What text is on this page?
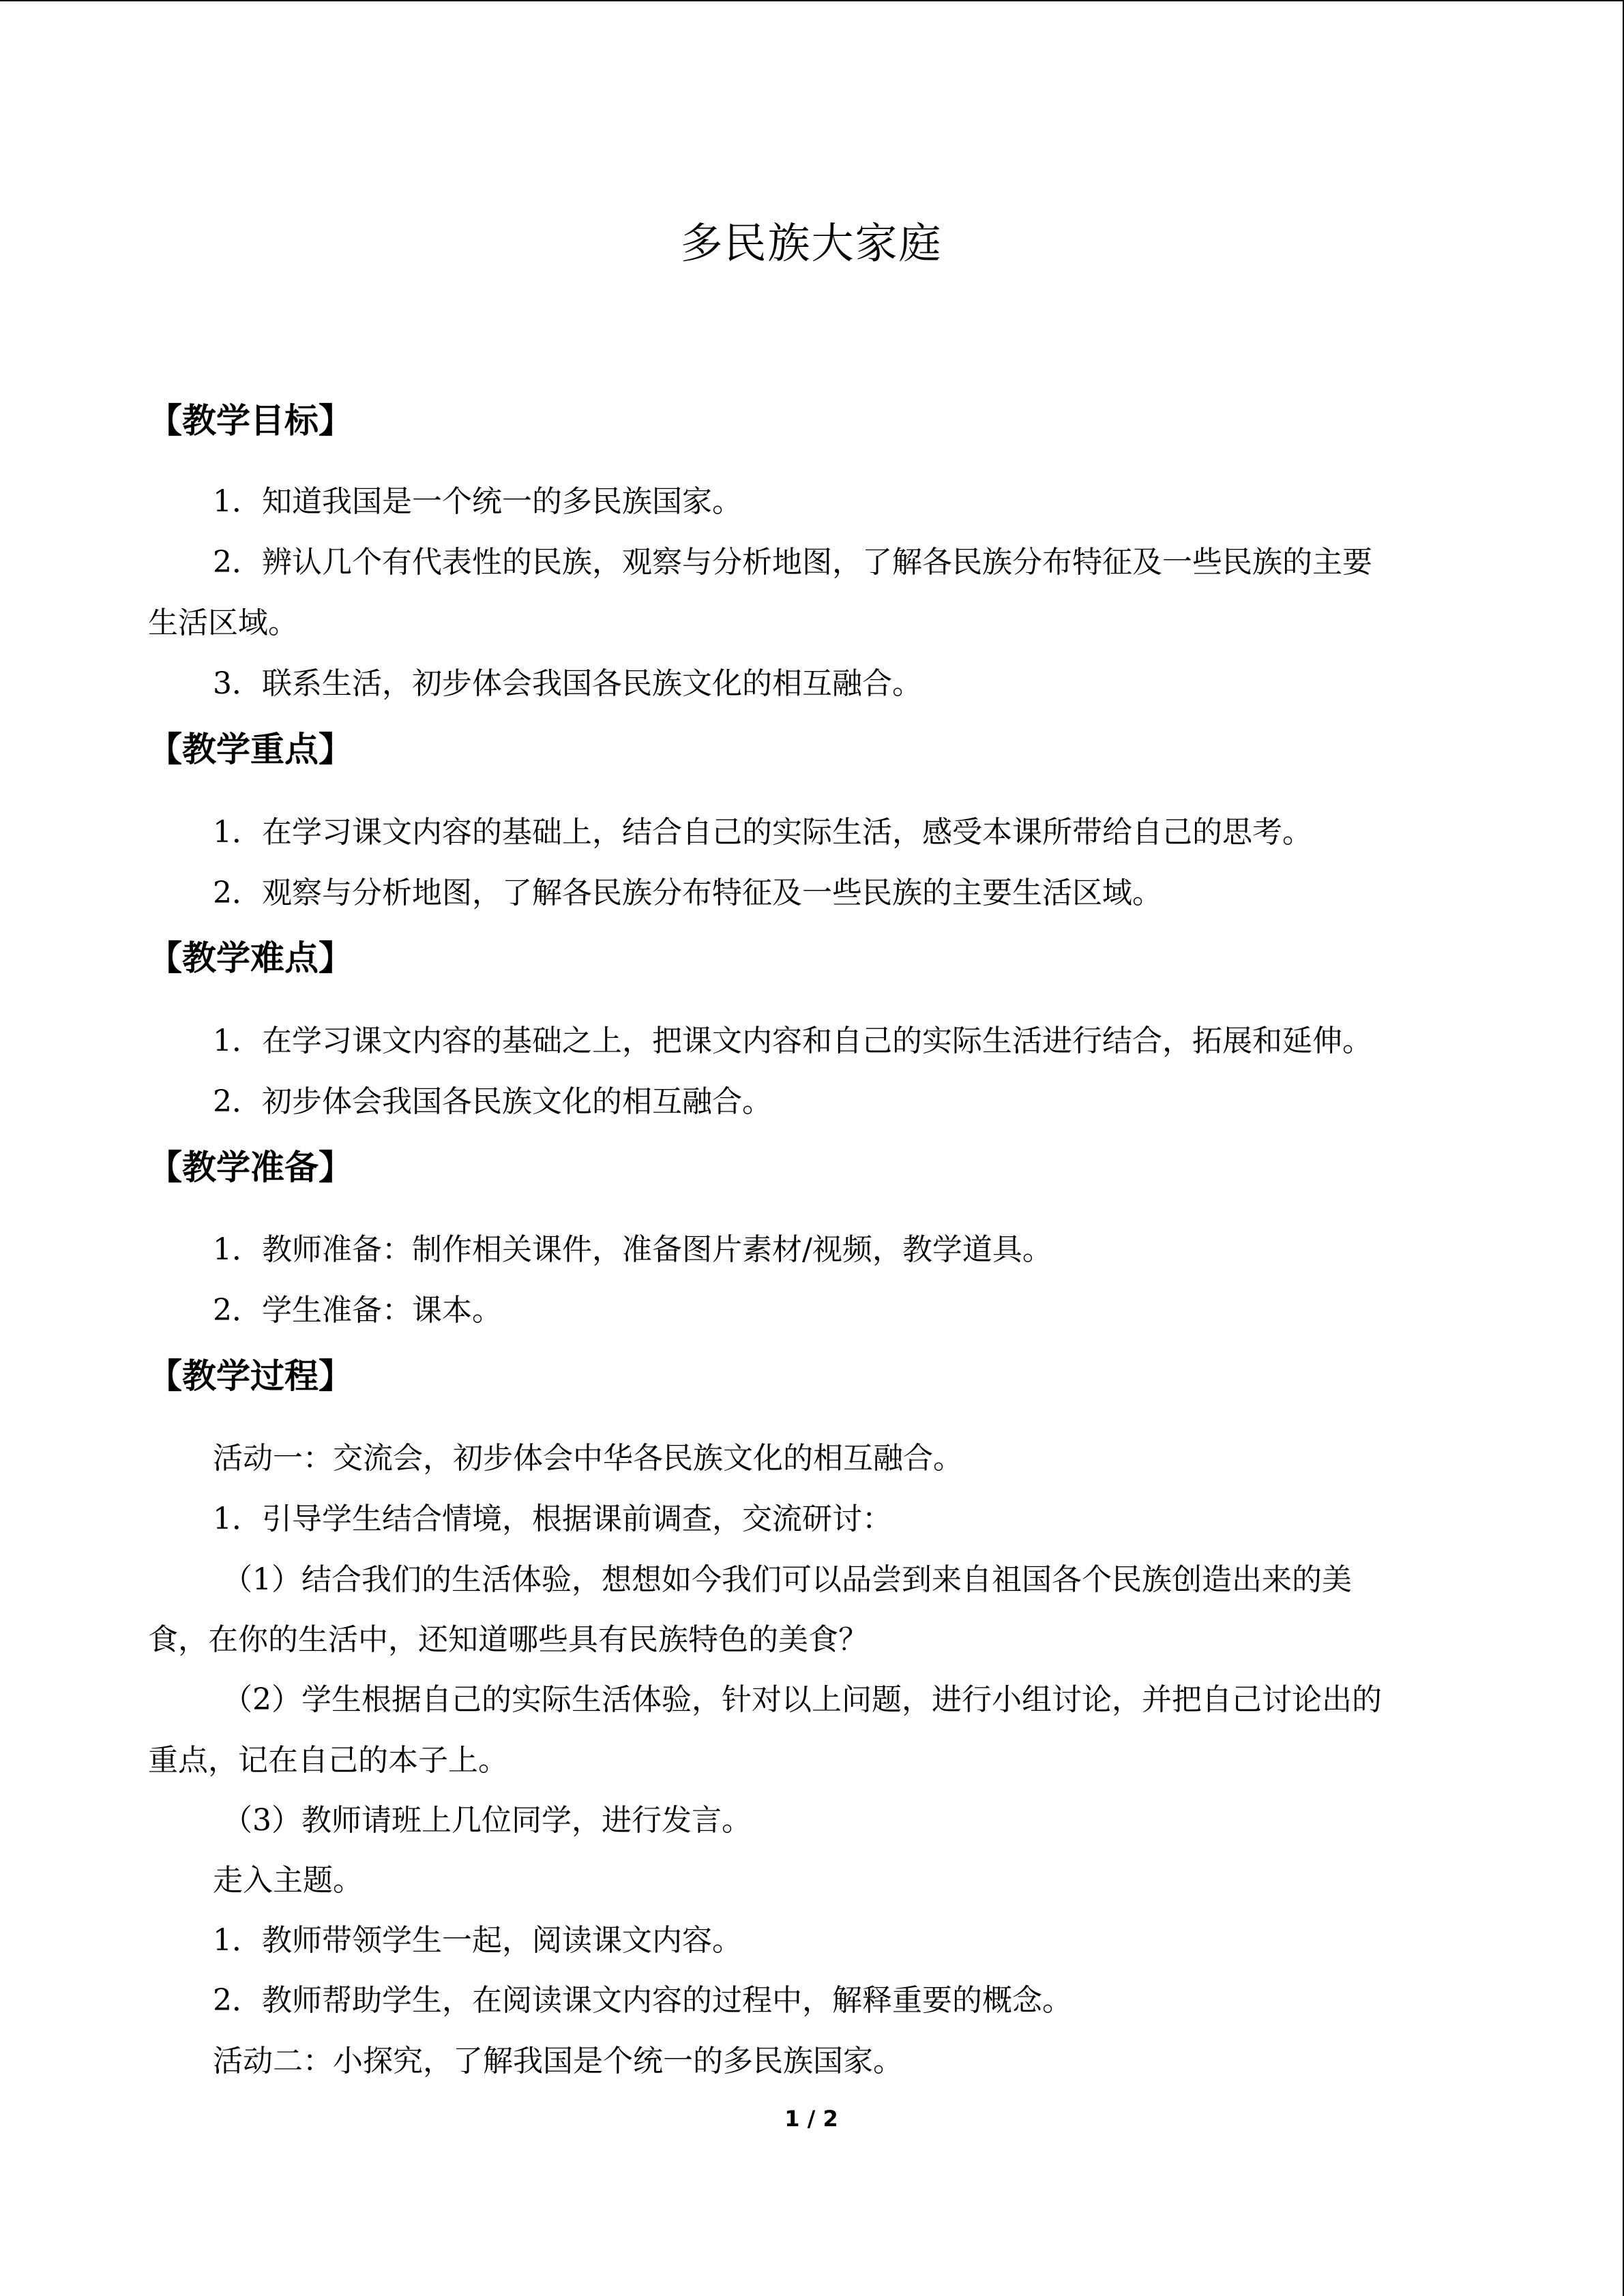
多民族大家庭
【教学目标】
1．知道我国是一个统一的多民族国家。
2．辨认几个有代表性的民族，观察与分析地图，了解各民族分布特征及一些民族的主要
生活区域。
3．联系生活，初步体会我国各民族文化的相互融合。
【教学重点】
1．在学习课文内容的基础上，结合自己的实际生活，感受本课所带给自己的思考。
2．观察与分析地图，了解各民族分布特征及一些民族的主要生活区域。
【教学难点】
1．在学习课文内容的基础之上，把课文内容和自己的实际生活进行结合，拓展和延伸。
2．初步体会我国各民族文化的相互融合。
【教学准备】
1．教师准备：制作相关课件，准备图片素材/视频，教学道具。
2．学生准备：课本。
【教学过程】
活动一：交流会，初步体会中华各民族文化的相互融合。
1．引导学生结合情境，根据课前调查，交流研讨：
（1）结合我们的生活体验，想想如今我们可以品尝到来自祖国各个民族创造出来的美
食，在你的生活中，还知道哪些具有民族特色的美食？
（2）学生根据自己的实际生活体验，针对以上问题，进行小组讨论，并把自己讨论出的
重点，记在自己的本子上。
（3）教师请班上几位同学，进行发言。
走入主题。
1．教师带领学生一起，阅读课文内容。
2．教师帮助学生，在阅读课文内容的过程中，解释重要的概念。
活动二：小探究，了解我国是个统一的多民族国家。
1 / 2
